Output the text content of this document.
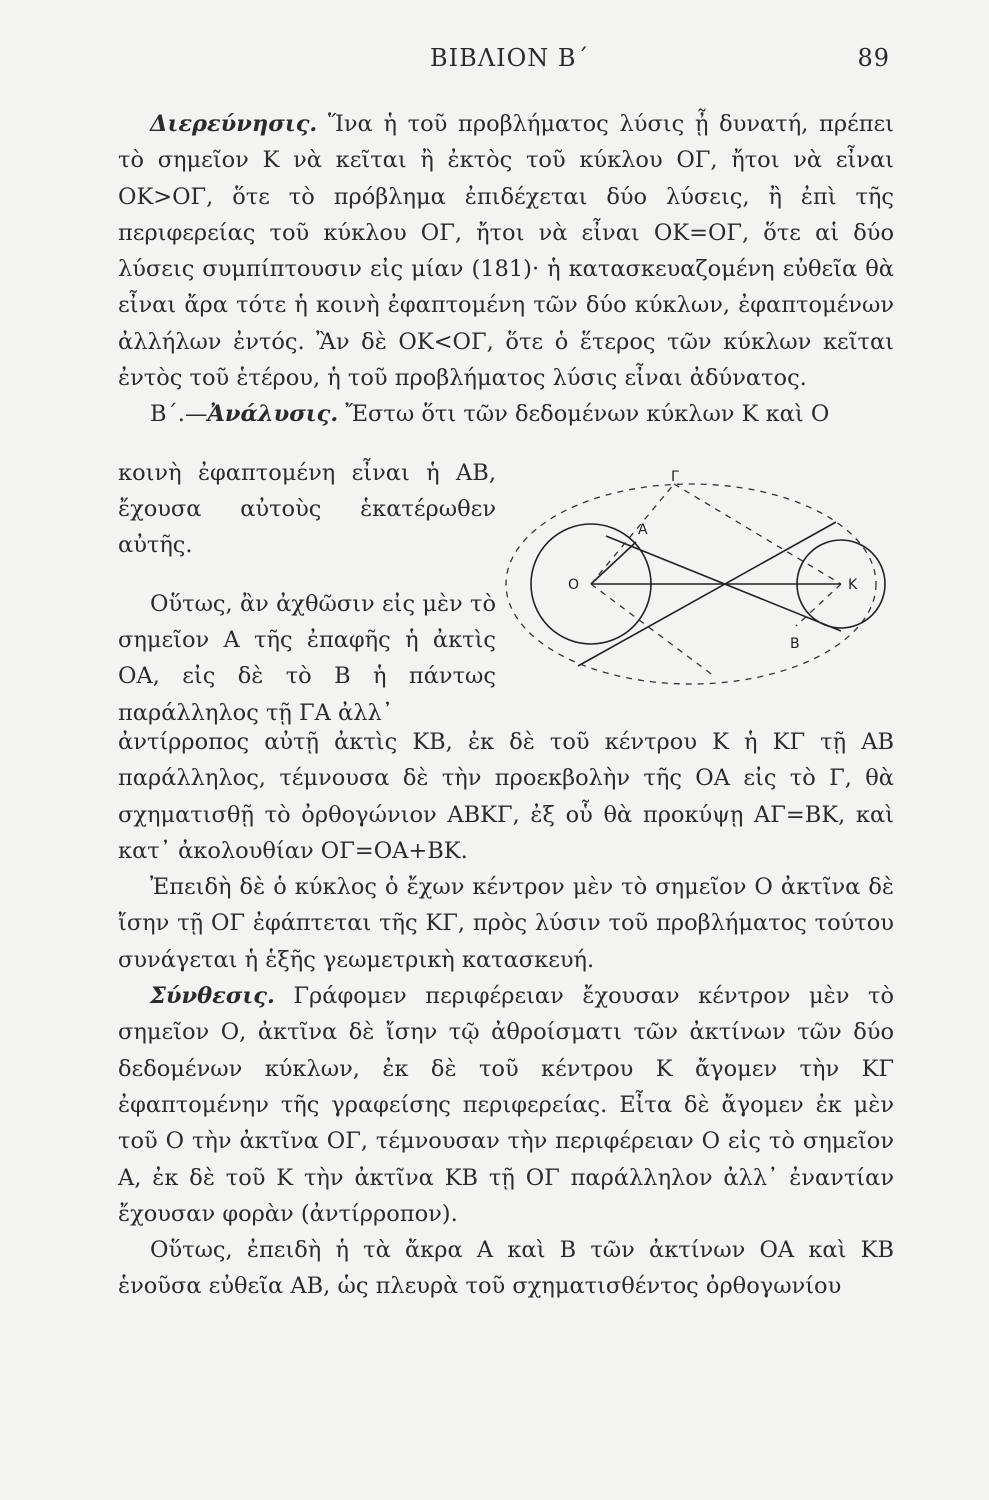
ΒΙΒΛΙΟΝ Β΄	89

Διερεύνησις. Ἵνα ἡ τοῦ προβλήματος λύσις ᾖ δυνατή, πρέπει τὸ σημεῖον Κ νὰ κεῖται ἢ ἐκτὸς τοῦ κύκλου ΟΓ, ἤτοι νὰ εἶναι ΟΚ>ΟΓ, ὅτε τὸ πρόβλημα ἐπιδέχεται δύο λύσεις, ἢ ἐπὶ τῆς περιφερείας τοῦ κύκλου ΟΓ, ἤτοι νὰ εἶναι ΟΚ=ΟΓ, ὅτε αἱ δύο λύσεις συμπίπτουσιν εἰς μίαν (181)· ἡ κατασκευαζομένη εὐθεῖα θὰ εἶναι ἄρα τότε ἡ κοινὴ ἐφαπτομένη τῶν δύο κύκλων, ἐφαπτομένων ἀλλήλων ἐντός. Ἂν δὲ ΟΚ<ΟΓ, ὅτε ὁ ἕτερος τῶν κύκλων κεῖται ἐντὸς τοῦ ἑτέρου, ἡ τοῦ προβλήματος λύσις εἶναι ἀδύνατος.

Β΄.—Ἀνάλυσις. Ἔστω ὅτι τῶν δεδομένων κύκλων Κ καὶ Ο

κοινὴ ἐφαπτομένη εἶναι ἡ ΑΒ, ἔχουσα αὐτοὺς ἑκατέρωθεν αὐτῆς.

Οὕτως, ἂν ἀχθῶσιν εἰς μὲν τὸ σημεῖον Α τῆς ἐπαφῆς ἡ ἀκτὶς ΟΑ, εἰς δὲ τὸ Β ἡ πάντως παράλληλος τῇ ΓΑ ἀλλ᾽

Γ
Α
Ο	Κ
Β

ἀντίρροπος αὐτῇ ἀκτὶς ΚΒ, ἐκ δὲ τοῦ κέντρου Κ ἡ ΚΓ τῇ ΑΒ παράλληλος, τέμνουσα δὲ τὴν προεκβολὴν τῆς ΟΑ εἰς τὸ Γ, θὰ σχηματισθῇ τὸ ὀρθογώνιον ΑΒΚΓ, ἐξ οὗ θὰ προκύψῃ ΑΓ=ΒΚ, καὶ κατ᾽ ἀκολουθίαν ΟΓ=ΟΑ+ΒΚ.

Ἐπειδὴ δὲ ὁ κύκλος ὁ ἔχων κέντρον μὲν τὸ σημεῖον Ο ἀκτῖνα δὲ ἴσην τῇ ΟΓ ἐφάπτεται τῆς ΚΓ, πρὸς λύσιν τοῦ προβλήματος τούτου συνάγεται ἡ ἑξῆς γεωμετρικὴ κατασκευή.

Σύνθεσις. Γράφομεν περιφέρειαν ἔχουσαν κέντρον μὲν τὸ σημεῖον Ο, ἀκτῖνα δὲ ἴσην τῷ ἀθροίσματι τῶν ἀκτίνων τῶν δύο δεδομένων κύκλων, ἐκ δὲ τοῦ κέντρου Κ ἄγομεν τὴν ΚΓ ἐφαπτομένην τῆς γραφείσης περιφερείας. Εἶτα δὲ ἄγομεν ἐκ μὲν τοῦ Ο τὴν ἀκτῖνα ΟΓ, τέμνουσαν τὴν περιφέρειαν Ο εἰς τὸ σημεῖον Α, ἐκ δὲ τοῦ Κ τὴν ἀκτῖνα ΚΒ τῇ ΟΓ παράλληλον ἀλλ᾽ ἐναντίαν ἔχουσαν φορὰν (ἀντίρροπον).

Οὕτως, ἐπειδὴ ἡ τὰ ἄκρα Α καὶ Β τῶν ἀκτίνων ΟΑ καὶ ΚΒ ἑνοῦσα εὐθεῖα ΑΒ, ὡς πλευρὰ τοῦ σχηματισθέντος ὀρθογωνίου
